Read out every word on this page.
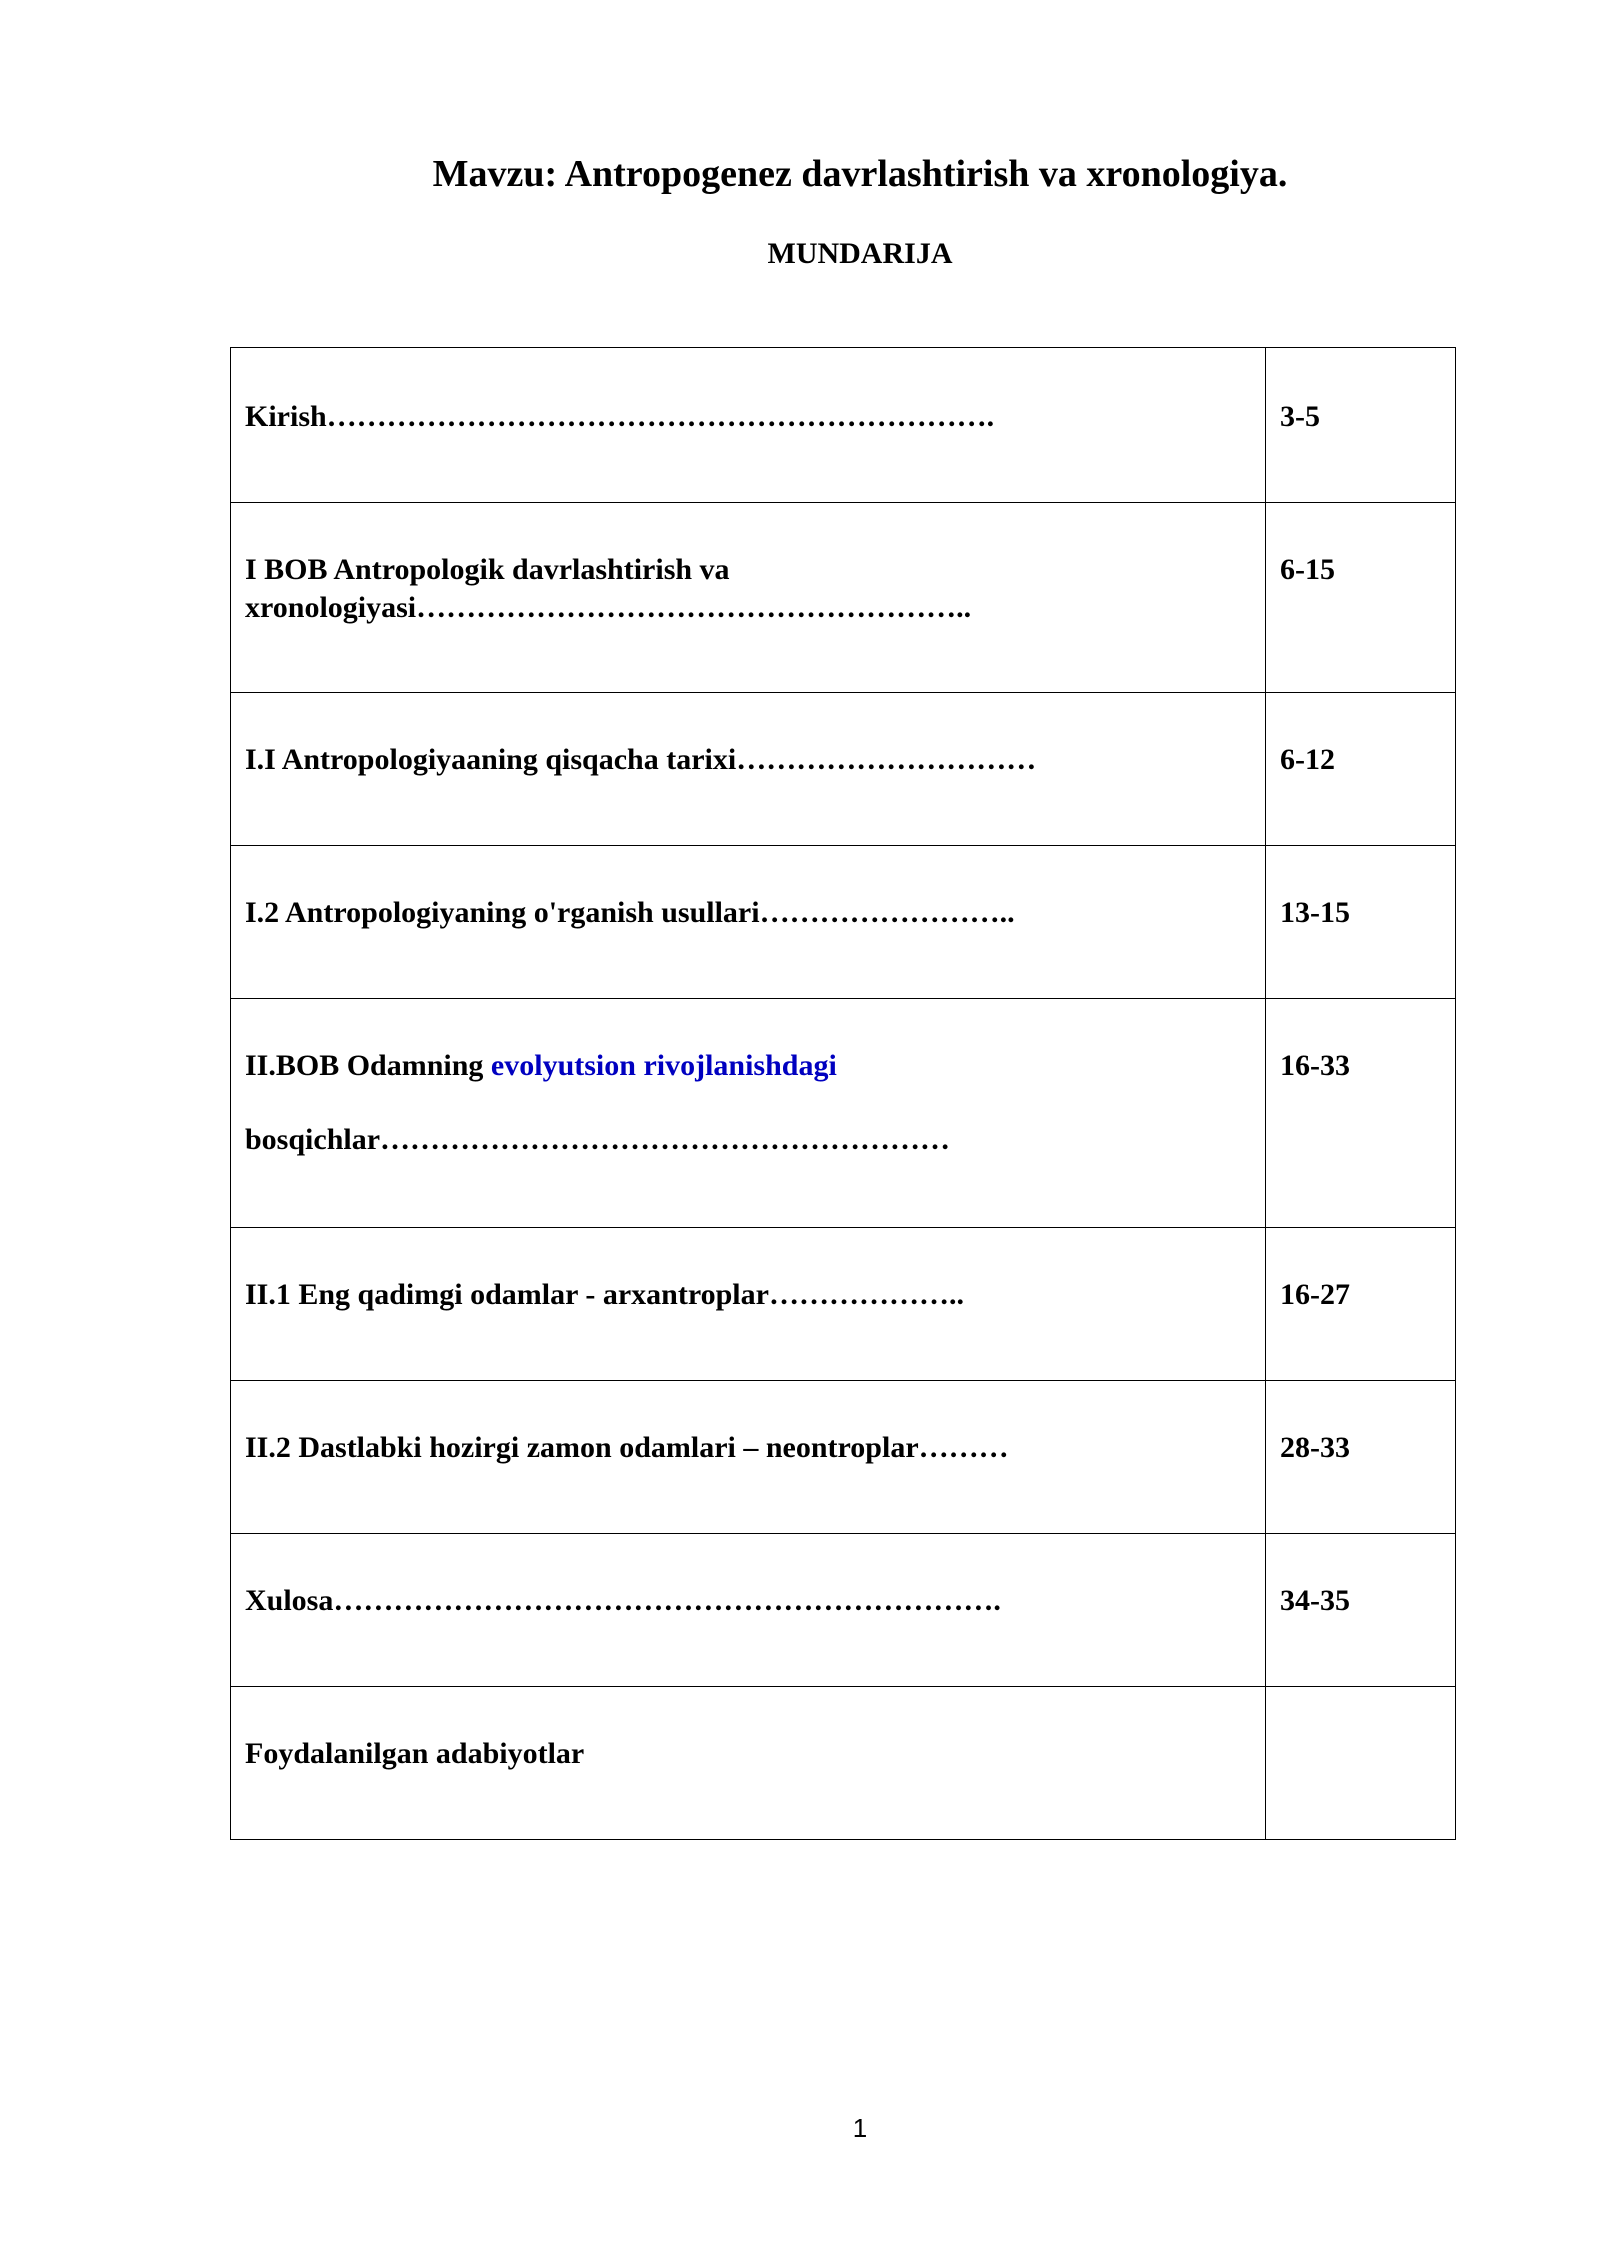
Mavzu: Antropogenez davrlashtirish va xronologiya.
MUNDARIJA
Kirish………………………………………………………….	3-5

I BOB Antropologik davrlashtirish va
xronologiyasi………………………………………………..	6-15
I.I Antropologiyaaning qisqacha tarixi…………………………	6-12
I.2 Antropologiyaning o'rganish usullari……………………..	13-15

II.BOB Odamning evolyutsion rivojlanishdagi
bosqichlar…………………………………………………	16-33
II.1 Eng qadimgi odamlar - arxantroplar………………..	16-27
II.2 Dastlabki hozirgi zamon odamlari – neontroplar………	28-33
Xulosa………………………………………………………….	34-35
Foydalanilgan adabiyotlar	
1
